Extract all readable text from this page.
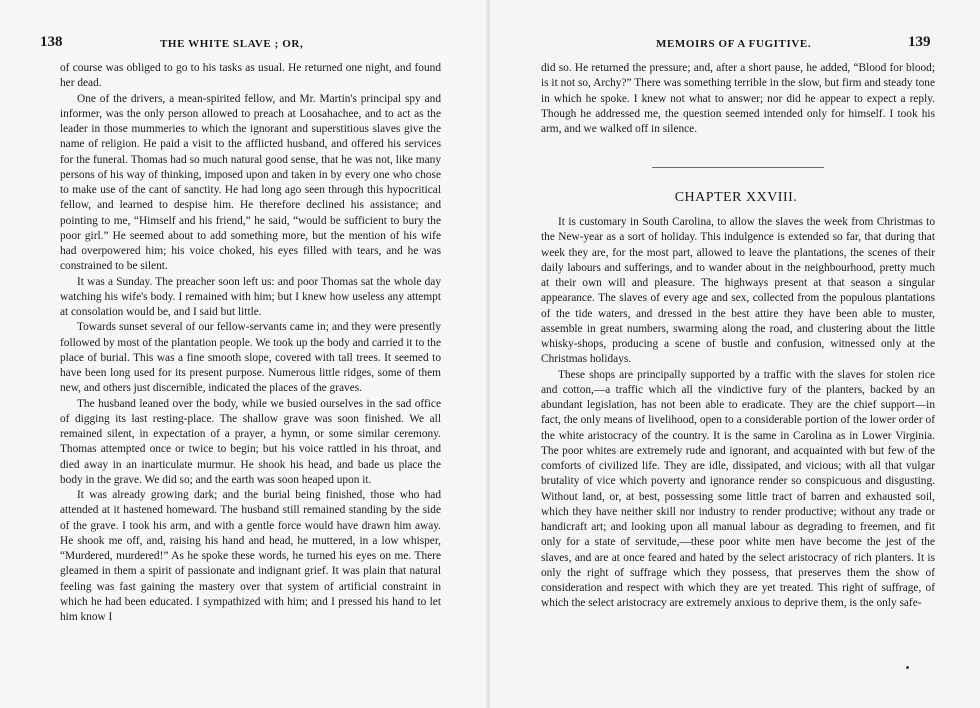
138	THE WHITE SLAVE ; OR,

of course was obliged to go to his tasks as usual. He returned one night, and found her dead.

One of the drivers, a mean-spirited fellow, and Mr. Martin's principal spy and informer, was the only person allowed to preach at Loosahachee, and to act as the leader in those mummeries to which the ignorant and superstitious slaves give the name of religion. He paid a visit to the afflicted husband, and offered his services for the funeral. Thomas had so much natural good sense, that he was not, like many persons of his way of thinking, imposed upon and taken in by every one who chose to make use of the cant of sanctity. He had long ago seen through this hypocritical fellow, and learned to despise him. He therefore declined his assistance; and pointing to me, “Himself and his friend,” he said, “would be sufficient to bury the poor girl.” He seemed about to add something more, but the mention of his wife had overpowered him; his voice choked, his eyes filled with tears, and he was constrained to be silent.

It was a Sunday. The preacher soon left us: and poor Thomas sat the whole day watching his wife's body. I remained with him; but I knew how useless any attempt at consolation would be, and I said but little.

Towards sunset several of our fellow-servants came in; and they were presently followed by most of the plantation people. We took up the body and carried it to the place of burial. This was a fine smooth slope, covered with tall trees. It seemed to have been long used for its present purpose. Numerous little ridges, some of them new, and others just discernible, indicated the places of the graves.

The husband leaned over the body, while we busied ourselves in the sad office of digging its last resting-place. The shallow grave was soon finished. We all remained silent, in expectation of a prayer, a hymn, or some similar ceremony. Thomas attempted once or twice to begin; but his voice rattled in his throat, and died away in an inarticulate murmur. He shook his head, and bade us place the body in the grave. We did so; and the earth was soon heaped upon it.

It was already growing dark; and the burial being finished, those who had attended at it hastened homeward. The husband still remained standing by the side of the grave. I took his arm, and with a gentle force would have drawn him away. He shook me off, and, raising his hand and head, he muttered, in a low whisper, “Murdered, murdered!” As he spoke these words, he turned his eyes on me. There gleamed in them a spirit of passionate and indignant grief. It was plain that natural feeling was fast gaining the mastery over that system of artificial constraint in which he had been educated. I sympathized with him; and I pressed his hand to let him know I

MEMOIRS OF A FUGITIVE.	139

did so. He returned the pressure; and, after a short pause, he added, “Blood for blood; is it not so, Archy?” There was something terrible in the slow, but firm and steady tone in which he spoke. I knew not what to answer; nor did he appear to expect a reply. Though he addressed me, the question seemed intended only for himself. I took his arm, and we walked off in silence.

CHAPTER XXVIII.

It is customary in South Carolina, to allow the slaves the week from Christmas to the New-year as a sort of holiday. This indulgence is extended so far, that during that week they are, for the most part, allowed to leave the plantations, the scenes of their daily labours and sufferings, and to wander about in the neighbourhood, pretty much at their own will and pleasure. The highways present at that season a singular appearance. The slaves of every age and sex, collected from the populous plantations of the tide waters, and dressed in the best attire they have been able to muster, assemble in great numbers, swarming along the road, and clustering about the little whisky-shops, producing a scene of bustle and confusion, witnessed only at the Christmas holidays.

These shops are principally supported by a traffic with the slaves for stolen rice and cotton,—a traffic which all the vindictive fury of the planters, backed by an abundant legislation, has not been able to eradicate. They are the chief support—in fact, the only means of livelihood, open to a considerable portion of the lower order of the white aristocracy of the country. It is the same in Carolina as in Lower Virginia. The poor whites are extremely rude and ignorant, and acquainted with but few of the comforts of civilized life. They are idle, dissipated, and vicious; with all that vulgar brutality of vice which poverty and ignorance render so conspicuous and disgusting. Without land, or, at best, possessing some little tract of barren and exhausted soil, which they have neither skill nor industry to render productive; without any trade or handicraft art; and looking upon all manual labour as degrading to freemen, and fit only for a state of servitude,—these poor white men have become the jest of the slaves, and are at once feared and hated by the select aristocracy of rich planters. It is only the right of suffrage which they possess, that preserves them the show of consideration and respect with which they are yet treated. This right of suffrage, of which the select aristocracy are extremely anxious to deprive them, is the only safe-
